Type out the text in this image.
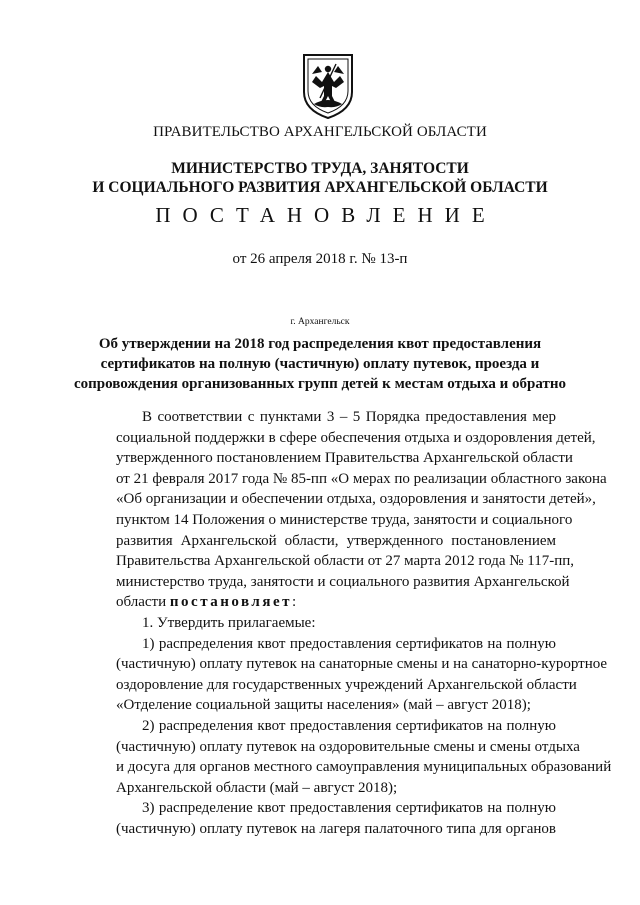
ПРАВИТЕЛЬСТВО АРХАНГЕЛЬСКОЙ ОБЛАСТИ
МИНИСТЕРСТВО ТРУДА, ЗАНЯТОСТИ
И СОЦИАЛЬНОГО РАЗВИТИЯ АРХАНГЕЛЬСКОЙ ОБЛАСТИ
ПОСТАНОВЛЕНИЕ
от 26 апреля 2018 г. № 13-п
г. Архангельск
Об утверждении на 2018 год распределения квот предоставления
сертификатов на полную (частичную) оплату путевок, проезда и
сопровождения организованных групп детей к местам отдыха и обратно
В соответствии с пунктами 3 – 5 Порядка предоставления мер
социальной поддержки в сфере обеспечения отдыха и оздоровления детей,
утвержденного постановлением Правительства Архангельской области
от 21 февраля 2017 года № 85-пп «О мерах по реализации областного закона
«Об организации и обеспечении отдыха, оздоровления и занятости детей»,
пунктом 14 Положения о министерстве труда, занятости и социального
развития Архангельской области, утвержденного постановлением
Правительства Архангельской области от 27 марта 2012 года № 117-пп,
министерство труда, занятости и социального развития Архангельской
области постановляет:
1. Утвердить прилагаемые:
1) распределения квот предоставления сертификатов на полную
(частичную) оплату путевок на санаторные смены и на санаторно-курортное
оздоровление для государственных учреждений Архангельской области
«Отделение социальной защиты населения» (май – август 2018);
2) распределения квот предоставления сертификатов на полную
(частичную) оплату путевок на оздоровительные смены и смены отдыха
и досуга для органов местного самоуправления муниципальных образований
Архангельской области (май – август 2018);
3) распределение квот предоставления сертификатов на полную
(частичную) оплату путевок на лагеря палаточного типа для органов
